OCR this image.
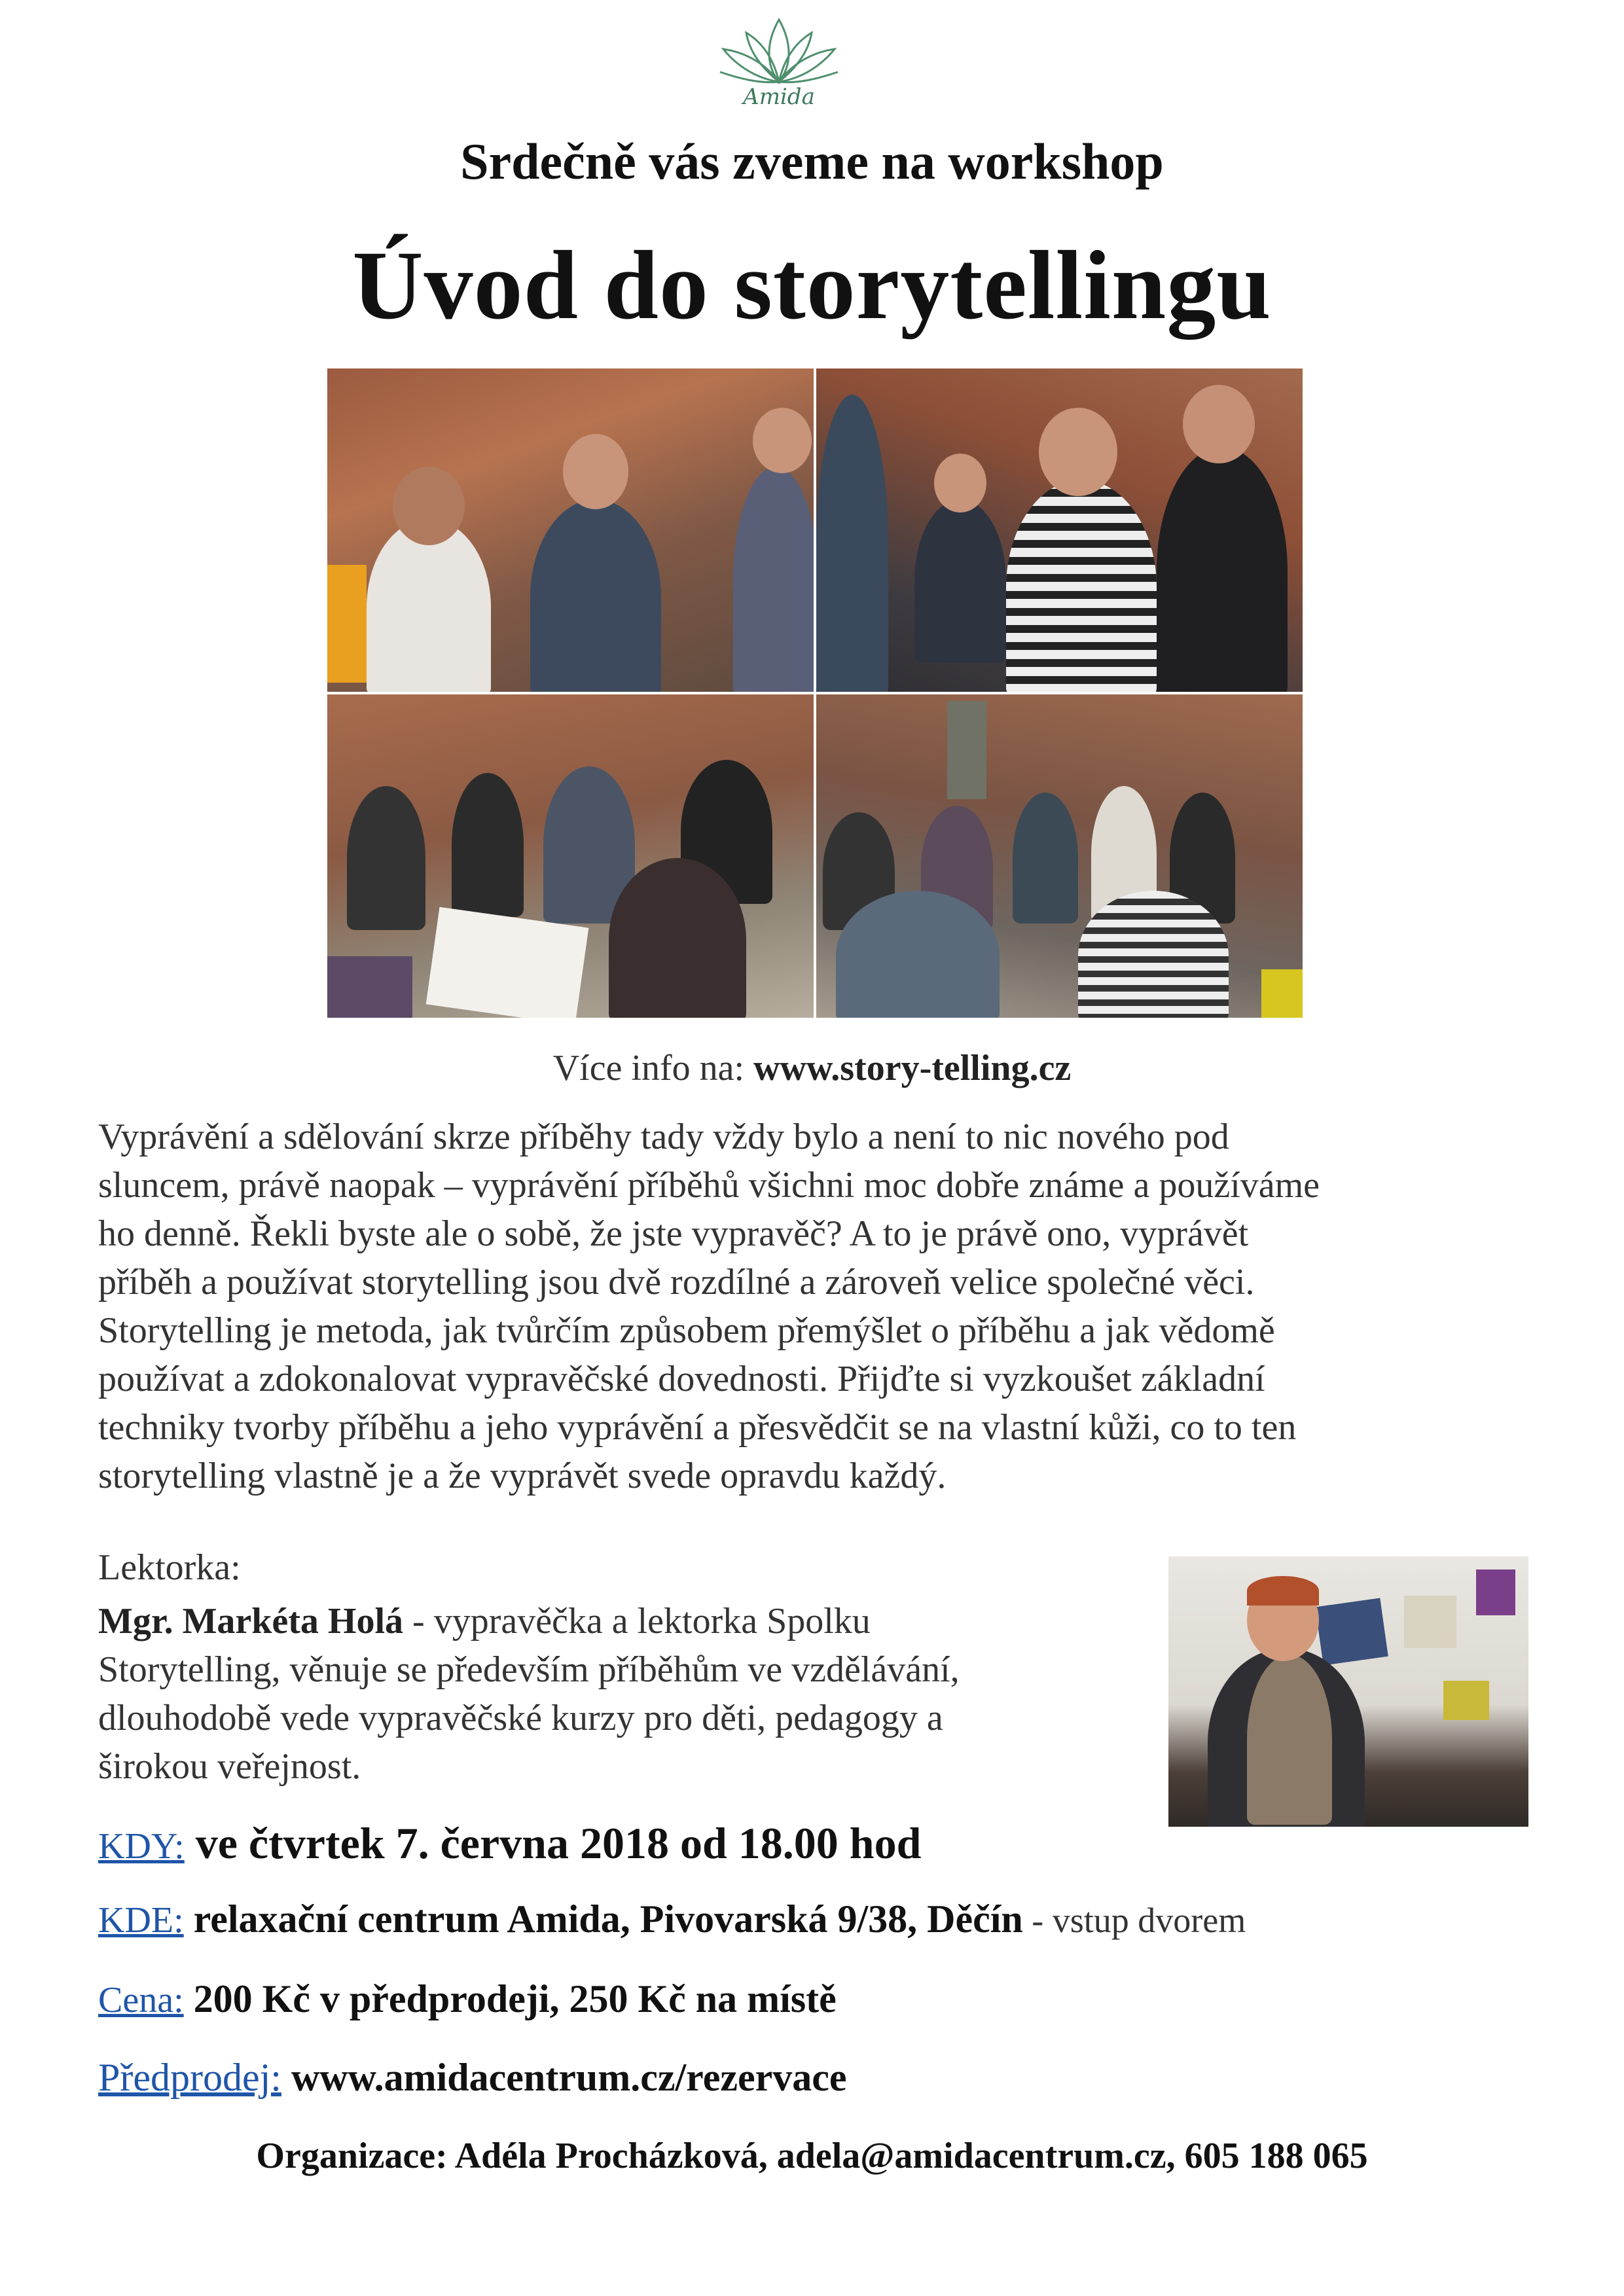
Amida
Srdečně vás zveme na workshop
Úvod do storytellingu
Více info na: www.story-telling.cz
Vyprávění a sdělování skrze příběhy tady vždy bylo a není to nic nového pod
sluncem, právě naopak – vyprávění příběhů všichni moc dobře známe a používáme
ho denně. Řekli byste ale o sobě, že jste vypravěč? A to je právě ono, vyprávět
příběh a používat storytelling jsou dvě rozdílné a zároveň velice společné věci.
Storytelling je metoda, jak tvůrčím způsobem přemýšlet o příběhu a jak vědomě
používat a zdokonalovat vypravěčské dovednosti. Přijďte si vyzkoušet základní
techniky tvorby příběhu a jeho vyprávění a přesvědčit se na vlastní kůži, co to ten
storytelling vlastně je a že vyprávět svede opravdu každý.
Lektorka:
Mgr. Markéta Holá - vypravěčka a lektorka Spolku
Storytelling, věnuje se především příběhům ve vzdělávání,
dlouhodobě vede vypravěčské kurzy pro děti, pedagogy a
širokou veřejnost.
KDY: ve čtvrtek 7. června 2018 od 18.00 hod
KDE: relaxační centrum Amida, Pivovarská 9/38, Děčín - vstup dvorem
Cena: 200 Kč v předprodeji, 250 Kč na místě
Předprodej: www.amidacentrum.cz/rezervace
Organizace: Adéla Procházková, adela@amidacentrum.cz, 605 188 065
